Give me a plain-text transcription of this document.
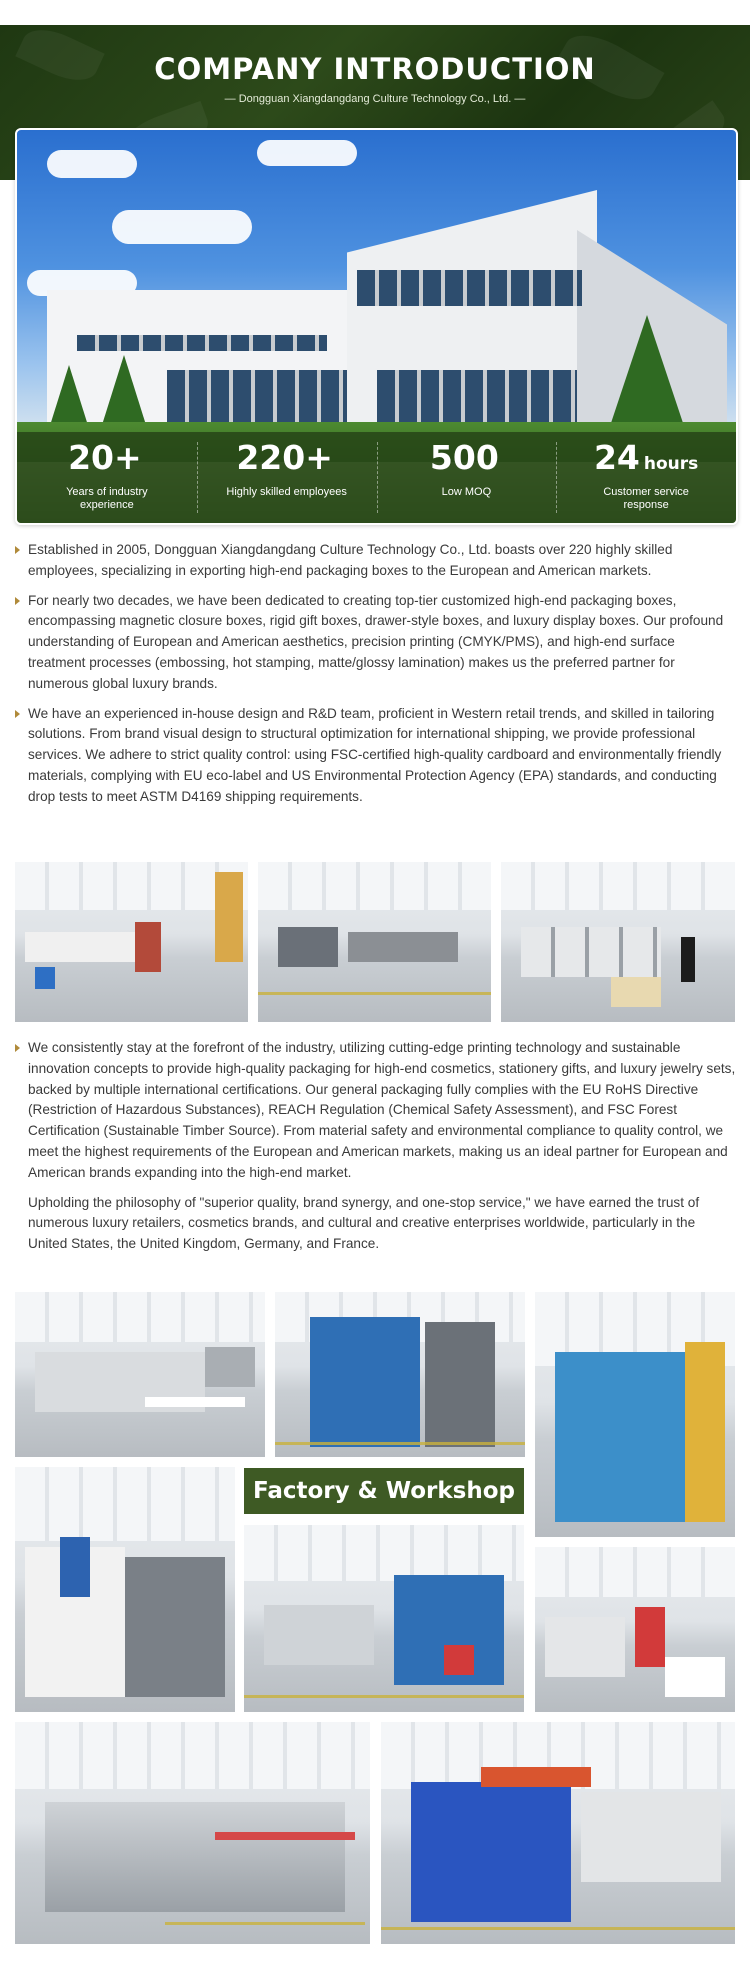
COMPANY INTRODUCTION
— Dongguan Xiangdangdang Culture Technology Co., Ltd. —
20+
Years of industry experience
220+
Highly skilled employees
500
Low MOQ
24 hours
Customer service response

Established in 2005, Dongguan Xiangdangdang Culture Technology Co., Ltd. boasts over 220 highly skilled employees, specializing in exporting high-end packaging boxes to the European and American markets.

For nearly two decades, we have been dedicated to creating top-tier customized high-end packaging boxes, encompassing magnetic closure boxes, rigid gift boxes, drawer-style boxes, and luxury display boxes. Our profound understanding of European and American aesthetics, precision printing (CMYK/PMS), and high-end surface treatment processes (embossing, hot stamping, matte/glossy lamination) makes us the preferred partner for numerous global luxury brands.

We have an experienced in-house design and R&D team, proficient in Western retail trends, and skilled in tailoring solutions. From brand visual design to structural optimization for international shipping, we provide professional services. We adhere to strict quality control: using FSC-certified high-quality cardboard and environmentally friendly materials, complying with EU eco-label and US Environmental Protection Agency (EPA) standards, and conducting drop tests to meet ASTM D4169 shipping requirements.

We consistently stay at the forefront of the industry, utilizing cutting-edge printing technology and sustainable innovation concepts to provide high-quality packaging for high-end cosmetics, stationery gifts, and luxury jewelry sets, backed by multiple international certifications. Our general packaging fully complies with the EU RoHS Directive (Restriction of Hazardous Substances), REACH Regulation (Chemical Safety Assessment), and FSC Forest Certification (Sustainable Timber Source). From material safety and environmental compliance to quality control, we meet the highest requirements of the European and American markets, making us an ideal partner for European and American brands expanding into the high-end market.

Upholding the philosophy of "superior quality, brand synergy, and one-stop service," we have earned the trust of numerous luxury retailers, cosmetics brands, and cultural and creative enterprises worldwide, particularly in the United States, the United Kingdom, Germany, and France.

Factory & Workshop
